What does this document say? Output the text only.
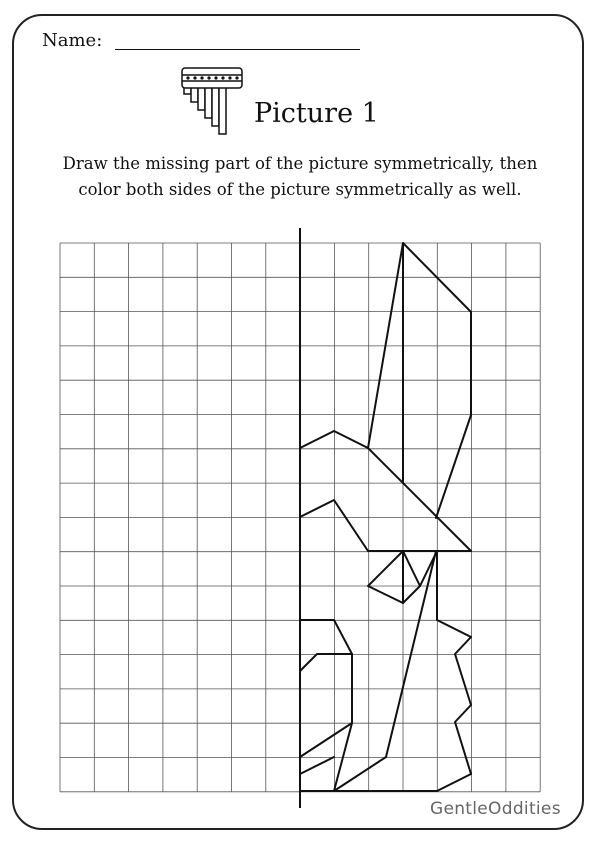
Name:
Picture 1
Draw the missing part of the picture symmetrically, then
color both sides of the picture symmetrically as well.
GentleOddities
